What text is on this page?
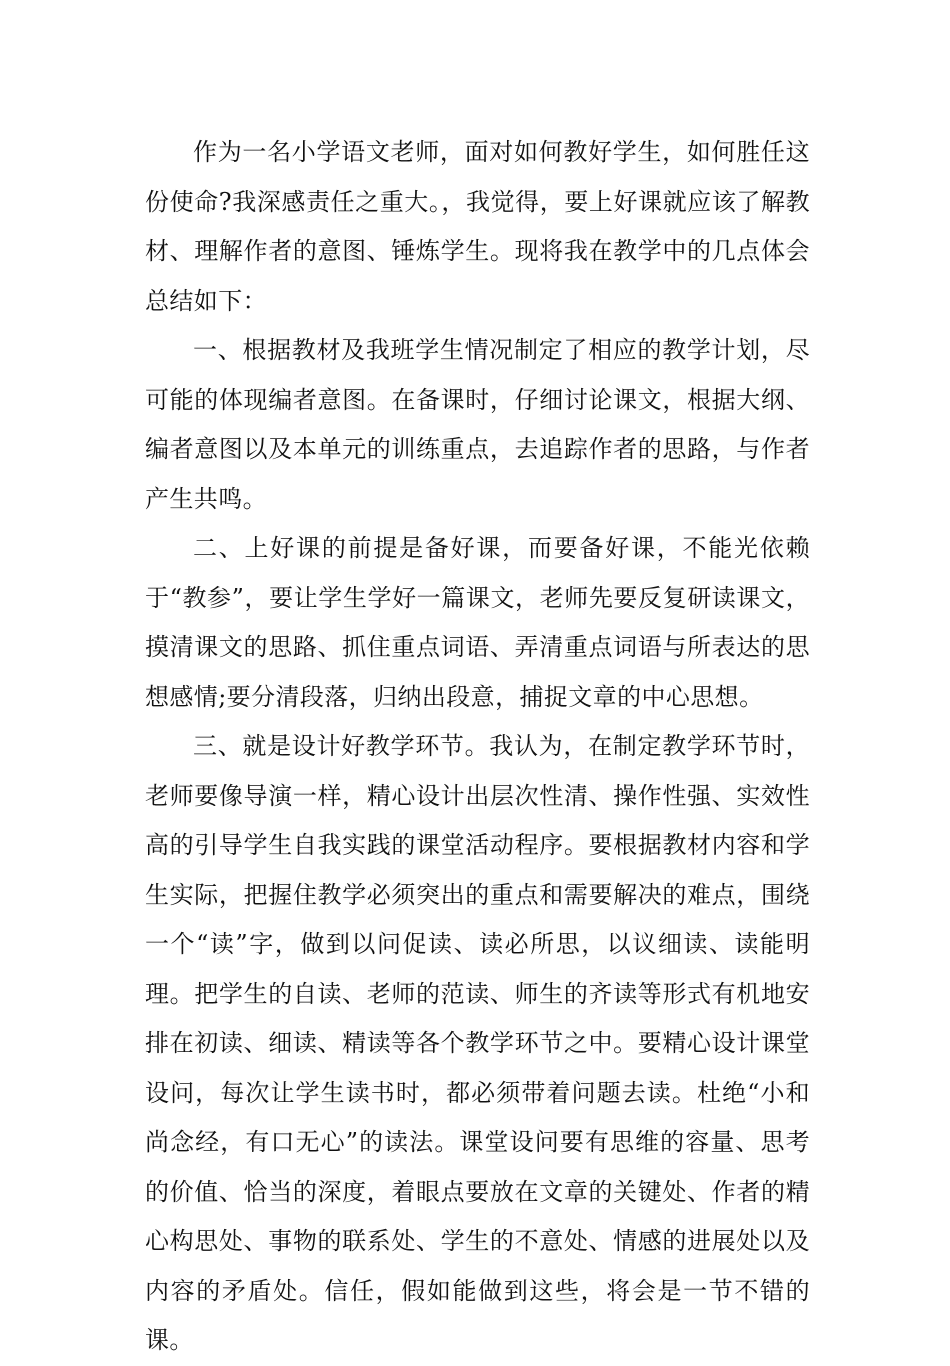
作为一名小学语文老师，面对如何教好学生，如何胜任这份使命?我深感责任之重大。，我觉得，要上好课就应该了解教材、理解作者的意图、锤炼学生。现将我在教学中的几点体会总结如下：

一、根据教材及我班学生情况制定了相应的教学计划，尽可能的体现编者意图。在备课时，仔细讨论课文，根据大纲、编者意图以及本单元的训练重点，去追踪作者的思路，与作者产生共鸣。

二、上好课的前提是备好课，而要备好课，不能光依赖于“教参”，要让学生学好一篇课文，老师先要反复研读课文，摸清课文的思路、抓住重点词语、弄清重点词语与所表达的思想感情;要分清段落，归纳出段意，捕捉文章的中心思想。

三、就是设计好教学环节。我认为，在制定教学环节时，老师要像导演一样，精心设计出层次性清、操作性强、实效性高的引导学生自我实践的课堂活动程序。要根据教材内容和学生实际，把握住教学必须突出的重点和需要解决的难点，围绕一个“读”字，做到以问促读、读必所思，以议细读、读能明理。把学生的自读、老师的范读、师生的齐读等形式有机地安排在初读、细读、精读等各个教学环节之中。要精心设计课堂设问，每次让学生读书时，都必须带着问题去读。杜绝“小和尚念经，有口无心”的读法。课堂设问要有思维的容量、思考的价值、恰当的深度，着眼点要放在文章的关键处、作者的精心构思处、事物的联系处、学生的不意处、情感的进展处以及内容的矛盾处。信任，假如能做到这些，将会是一节不错的课。
